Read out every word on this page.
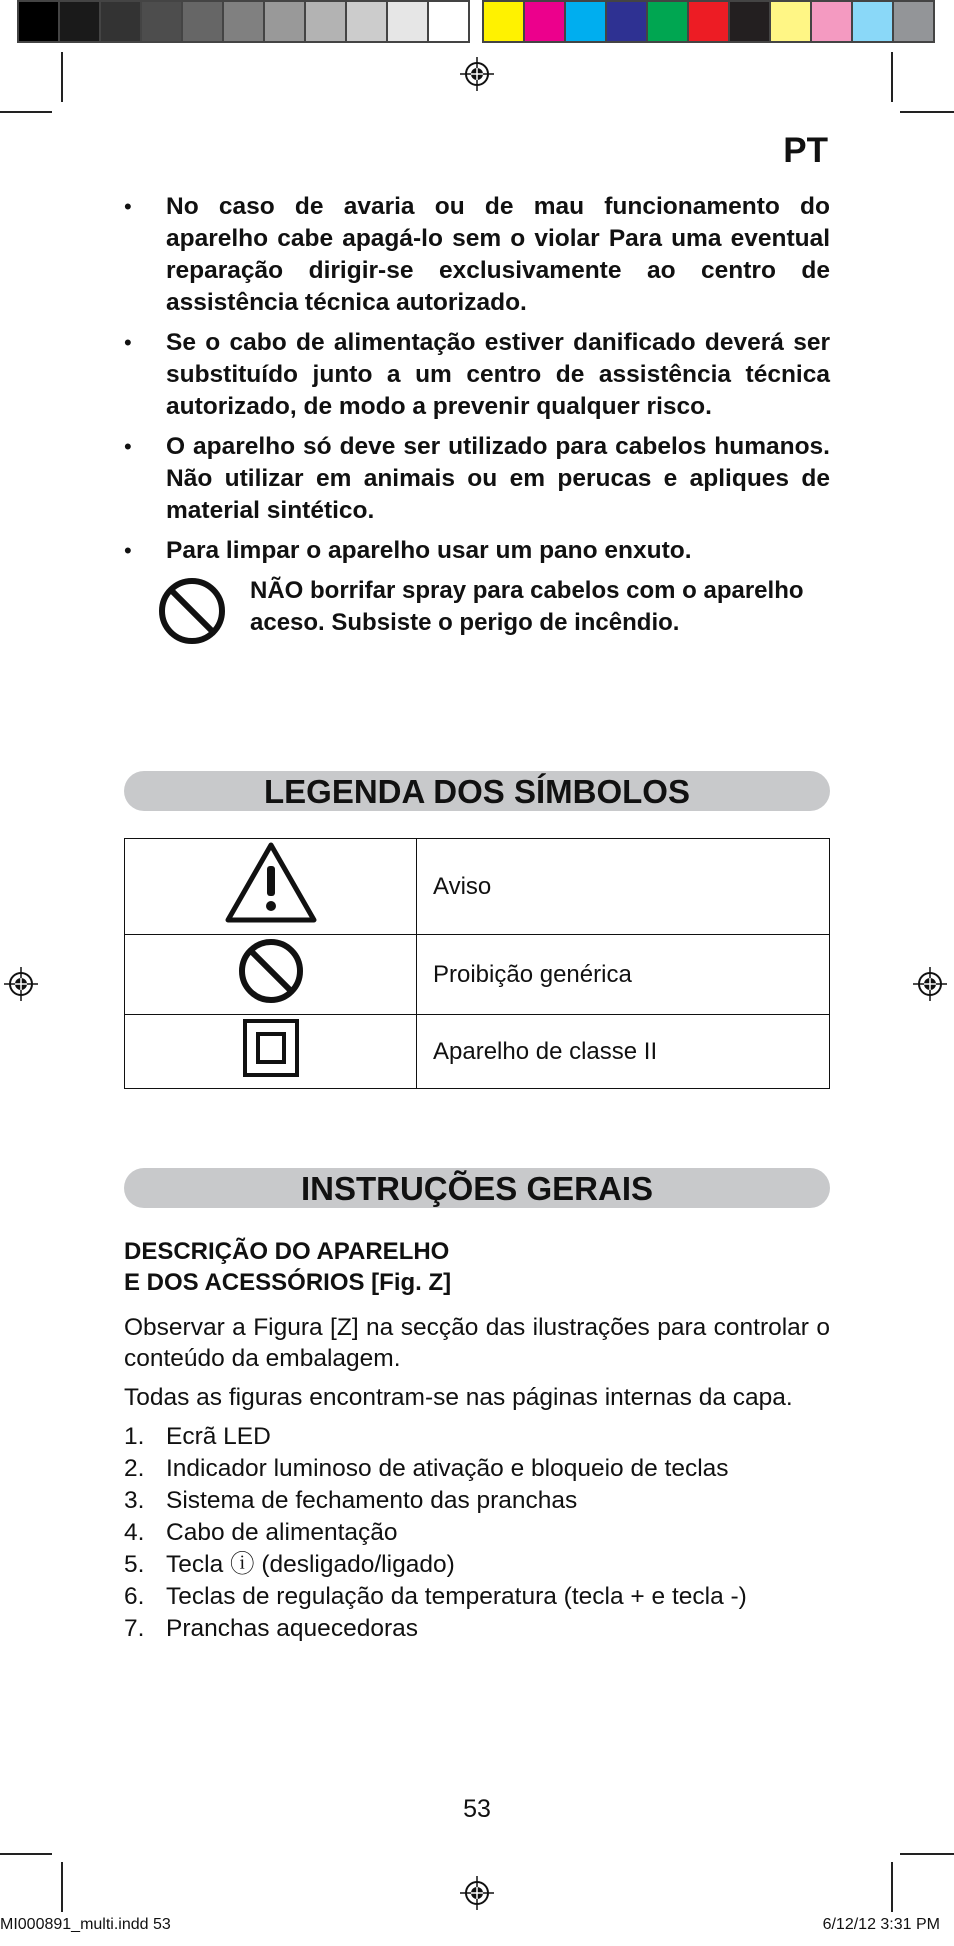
PT
• No caso de avaria ou de mau funcionamento do aparelho cabe apagá-lo sem o violar Para uma eventual reparação dirigir-se exclusivamente ao centro de assistência técnica autorizado.
• Se o cabo de alimentação estiver danificado deverá ser substituído junto a um centro de assistência técnica autorizado, de modo a prevenir qualquer risco.
• O aparelho só deve ser utilizado para cabelos humanos. Não utilizar em animais ou em perucas e apliques de material sintético.
• Para limpar o aparelho usar um pano enxuto.
NÃO borrifar spray para cabelos com o aparelho aceso. Subsiste o perigo de incêndio.
LEGENDA DOS SÍMBOLOS
	Aviso
	Proibição genérica
	Aparelho de classe II
INSTRUÇÕES GERAIS
DESCRIÇÃO DO APARELHO
E DOS ACESSÓRIOS [Fig. Z]
Observar a Figura [Z] na secção das ilustrações para controlar o conteúdo da embalagem.
Todas as figuras encontram-se nas páginas internas da capa.
1. Ecrã LED
2. Indicador luminoso de ativação e bloqueio de teclas
3. Sistema de fechamento das pranchas
4. Cabo de alimentação
5. Tecla ⓘ (desligado/ligado)
6. Teclas de regulação da temperatura (tecla + e tecla -)
7. Pranchas aquecedoras
53
MI000891_multi.indd 53	6/12/12 3:31 PM
